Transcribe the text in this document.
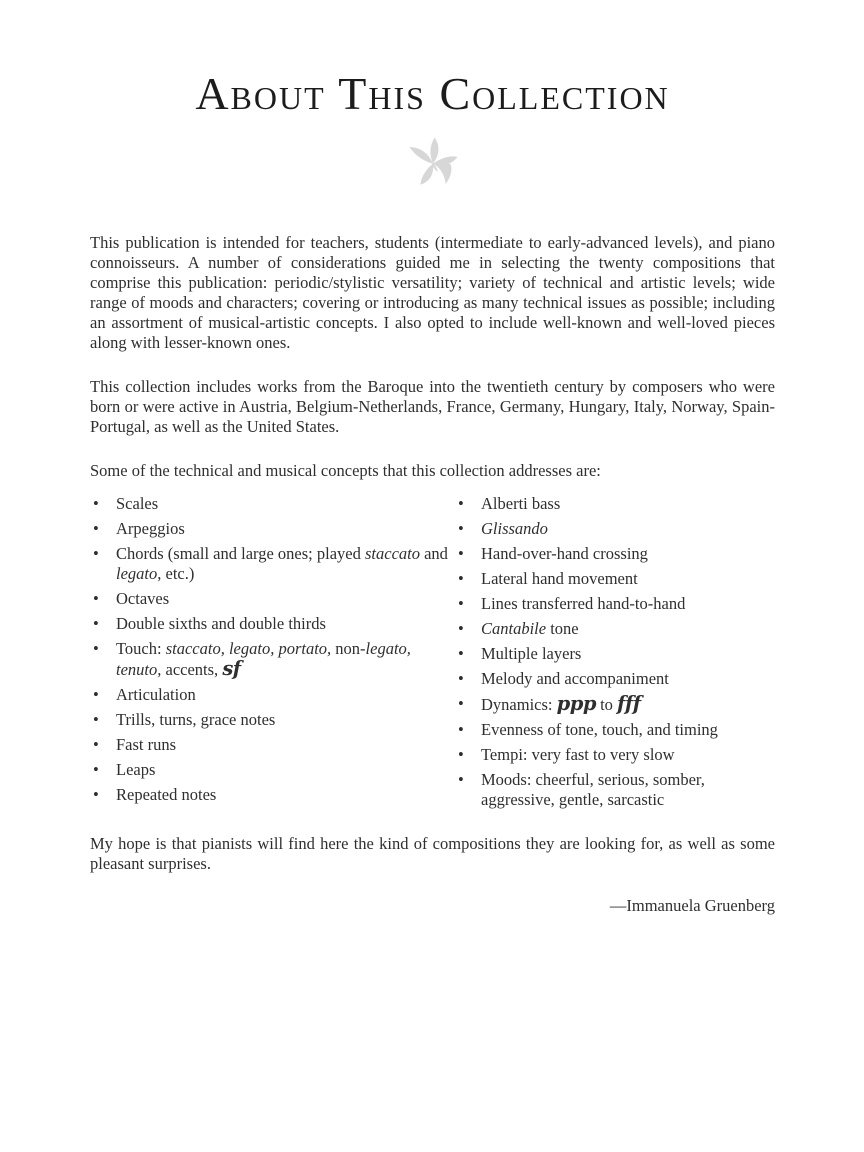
About This Collection

This publication is intended for teachers, students (intermediate to early-advanced levels), and piano connoisseurs. A number of considerations guided me in selecting the twenty compositions that comprise this publication: periodic/stylistic versatility; variety of technical and artistic levels; wide range of moods and characters; covering or introducing as many technical issues as possible; including an assortment of musical-artistic concepts. I also opted to include well-known and well-loved pieces along with lesser-known ones.

This collection includes works from the Baroque into the twentieth century by composers who were born or were active in Austria, Belgium-Netherlands, France, Germany, Hungary, Italy, Norway, Spain-Portugal, as well as the United States.

Some of the technical and musical concepts that this collection addresses are:

• Scales
• Arpeggios
• Chords (small and large ones; played staccato and legato, etc.)
• Octaves
• Double sixths and double thirds
• Touch: staccato, legato, portato, non-legato, tenuto, accents, sf
• Articulation
• Trills, turns, grace notes
• Fast runs
• Leaps
• Repeated notes
• Alberti bass
• Glissando
• Hand-over-hand crossing
• Lateral hand movement
• Lines transferred hand-to-hand
• Cantabile tone
• Multiple layers
• Melody and accompaniment
• Dynamics: ppp to fff
• Evenness of tone, touch, and timing
• Tempi: very fast to very slow
• Moods: cheerful, serious, somber, aggressive, gentle, sarcastic

My hope is that pianists will find here the kind of compositions they are looking for, as well as some pleasant surprises.

—Immanuela Gruenberg
